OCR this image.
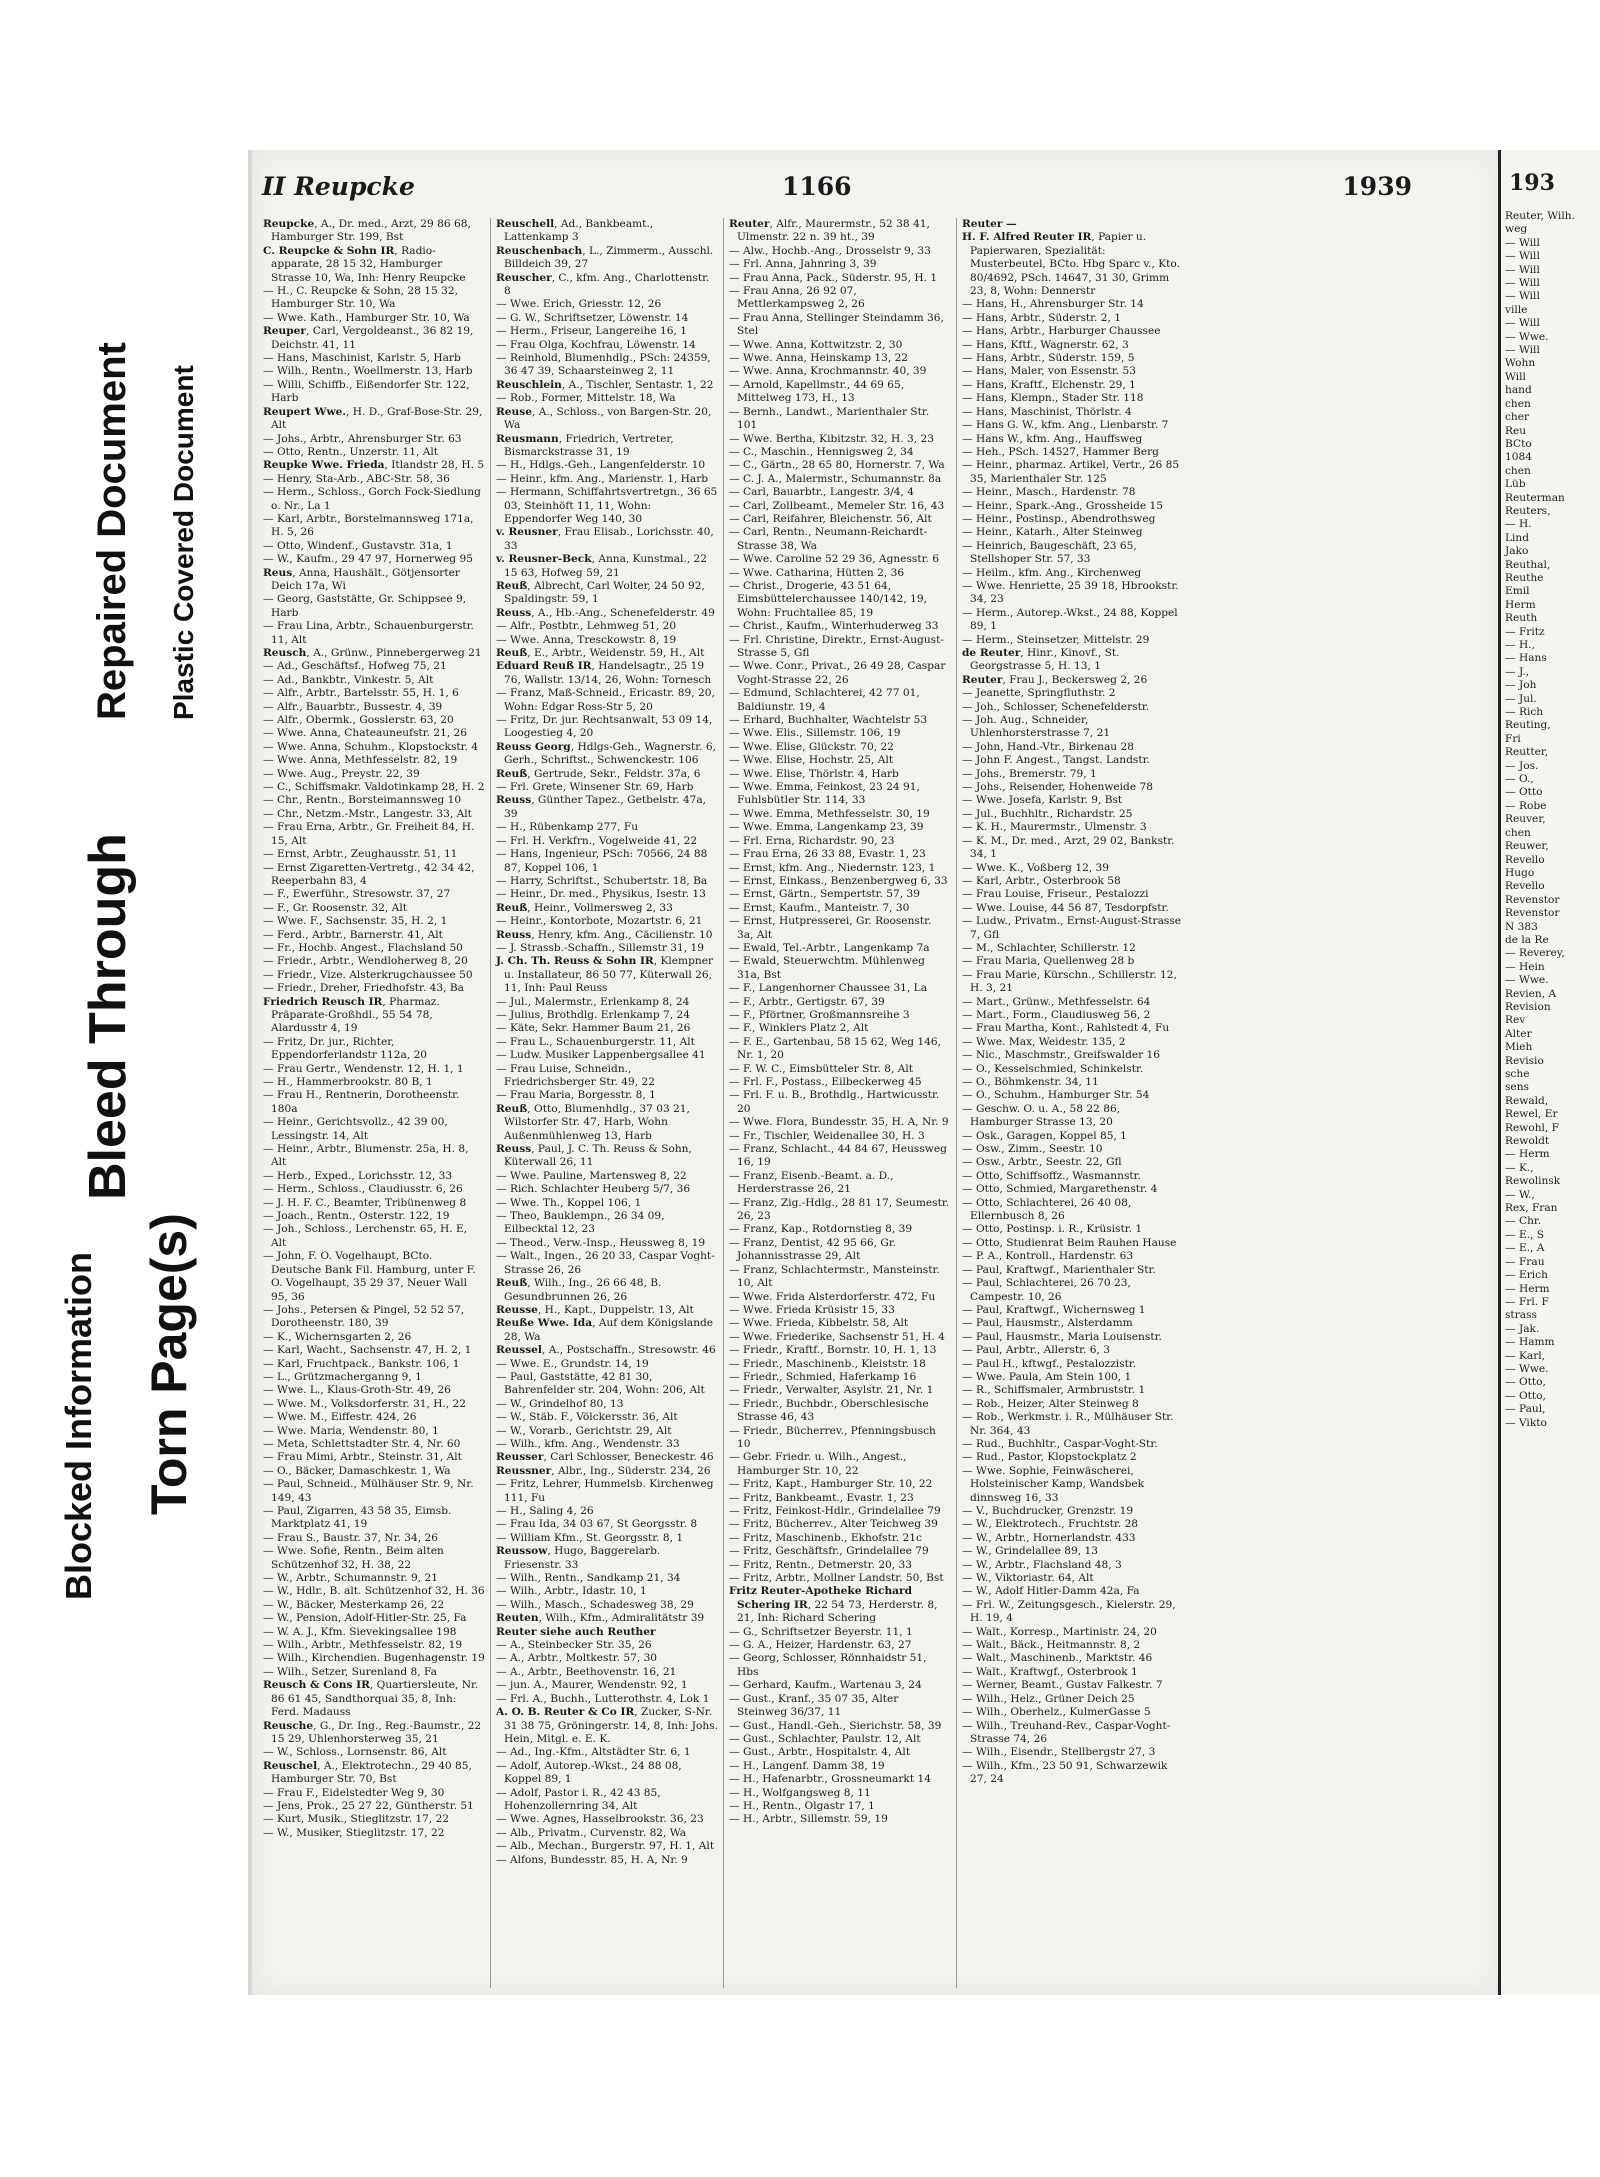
Blocked Information Torn Page(s)
Bleed Through
Repaired Document Plastic Covered Document
II Reupcke	1166	1939

Reupcke, A., Dr. med., Arzt, 29 86 68, Hamburger Str. 199, Bst

C. Reupcke & Sohn IR, Radio-apparate, 28 15 32, Hamburger Strasse 10, Wa, Inh: Henry Reupcke

— H., C. Reupcke & Sohn, 28 15 32, Hamburger Str. 10, Wa

— Wwe. Kath., Hamburger Str. 10, Wa

Reuper, Carl, Vergoldeanst., 36 82 19, Deichstr. 41, 11

— Hans, Maschinist, Karlstr. 5, Harb

— Wilh., Rentn., Woellmerstr. 13, Harb

— Willi, Schiffb., Eißendorfer Str. 122, Harb

Reupert Wwe., H. D., Graf-Bose-Str. 29, Alt

— Johs., Arbtr., Ahrensburger Str. 63

— Otto, Rentn., Unzerstr. 11, Alt

Reupke Wwe. Frieda, Itlandstr 28, H. 5

— Henry, Sta-Arb., ABC-Str. 58, 36

— Herm., Schloss., Gorch Fock-Siedlung o. Nr., La 1

— Karl, Arbtr., Borstelmannsweg 171a, H. 5, 26

— Otto, Windenf., Gustavstr. 31a, 1

— W., Kaufm., 29 47 97, Hornerweg 95

Reus, Anna, Haushält., Götjensorter Deich 17a, Wi

— Georg, Gaststätte, Gr. Schippsee 9, Harb

— Frau Lina, Arbtr., Schauenburgerstr. 11, Alt

Reusch, A., Grünw., Pinnebergerweg 21

— Ad., Geschäftsf., Hofweg 75, 21

— Ad., Bankbtr., Vinkestr. 5, Alt

— Alfr., Arbtr., Bartelsstr. 55, H. 1, 6

— Alfr., Bauarbtr., Bussestr. 4, 39

— Alfr., Obermk., Gosslerstr. 63, 20

— Wwe. Anna, Chateauneufstr. 21, 26

— Wwe. Anna, Schuhm., Klopstockstr. 4

— Wwe. Anna, Methfesselstr. 82, 19

— Wwe. Aug., Preystr. 22, 39

— C., Schiffsmakr. Valdotinkamp 28, H. 2

— Chr., Rentn., Borsteimannsweg 10

— Chr., Netzm.-Mstr., Langestr. 33, Alt

— Frau Erna, Arbtr., Gr. Freiheit 84, H. 15, Alt

— Ernst, Arbtr., Zeughausstr. 51, 11

— Ernst Zigaretten-Vertretg., 42 34 42, Reeperbahn 83, 4

— F., Ewerführ., Stresowstr. 37, 27

— F., Gr. Roosenstr. 32, Alt

— Wwe. F., Sachsenstr. 35, H. 2, 1

— Ferd., Arbtr., Barnerstr. 41, Alt

— Fr., Hochb. Angest., Flachsland 50

— Friedr., Arbtr., Wendloherweg 8, 20

— Friedr., Vize. Alsterkrugchaussee 50

— Friedr., Dreher, Friedhofstr. 43, Ba

Friedrich Reusch IR, Pharmaz. Präparate-Großhdl., 55 54 78, Alardusstr 4, 19

— Fritz, Dr. jur., Richter, Eppendorferlandstr 112a, 20

— Frau Gertr., Wendenstr. 12, H. 1, 1

— H., Hammerbrookstr. 80 B, 1

— Frau H., Rentnerin, Dorotheenstr. 180a

— Heinr., Gerichtsvollz., 42 39 00, Lessingstr. 14, Alt

— Heinr., Arbtr., Blumenstr. 25a, H. 8, Alt

— Herb., Exped., Lorichsstr. 12, 33

— Herm., Schloss., Claudiusstr. 6, 26

— J. H. F. C., Beamter, Tribünenweg 8

— Joach., Rentn., Osterstr. 122, 19

— Joh., Schloss., Lerchenstr. 65, H. E, Alt

— John, F. O. Vogelhaupt, BCto. Deutsche Bank Fil. Hamburg, unter F. O. Vogelhaupt, 35 29 37, Neuer Wall 95, 36

— Johs., Petersen & Pingel, 52 52 57, Dorotheenstr. 180, 39

— K., Wichernsgarten 2, 26

— Karl, Wacht., Sachsenstr. 47, H. 2, 1

— Karl, Fruchtpack., Bankstr. 106, 1

— L., Grützmacherganng 9, 1

— Wwe. L., Klaus-Groth-Str. 49, 26

— Wwe. M., Volksdorferstr. 31, H., 22

— Wwe. M., Eiffestr. 424, 26

— Wwe. Maria, Wendenstr. 80, 1

— Meta, Schlettstadter Str. 4, Nr. 60

— Frau Mimi, Arbtr., Steinstr. 31, Alt

— O., Bäcker, Damaschkestr. 1, Wa

— Paul, Schneid., Mülhäuser Str. 9, Nr. 149, 43

— Paul, Zigarren, 43 58 35, Eimsb. Marktplatz 41, 19

— Frau S., Baustr. 37, Nr. 34, 26

— Wwe. Sofie, Rentn., Beim alten Schützenhof 32, H. 38, 22

— W., Arbtr., Schumannstr. 9, 21

— W., Hdlr., B. alt. Schützenhof 32, H. 36

— W., Bäcker, Mesterkamp 26, 22

— W., Pension, Adolf-Hitler-Str. 25, Fa

— W. A. J., Kfm. Sievekingsallee 198

— Wilh., Arbtr., Methfesselstr. 82, 19

— Wilh., Kirchendien. Bugenhagenstr. 19

— Wilh., Setzer, Surenland 8, Fa

Reusch & Cons IR, Quartiersleute, Nr. 86 61 45, Sandthorquai 35, 8, Inh: Ferd. Madauss

Reusche, G., Dr. Ing., Reg.-Baumstr., 22 15 29, Uhlenhorsterweg 35, 21

— W., Schloss., Lornsenstr. 86, Alt

Reuschel, A., Elektrotechn., 29 40 85, Hamburger Str. 70, Bst

— Frau F., Eidelstedter Weg 9, 30

— Jens, Prok., 25 27 22, Güntherstr. 51

— Kurt, Musik., Stieglitzstr. 17, 22

— W., Musiker, Stieglitzstr. 17, 22

Reuschell, Ad., Bankbeamt., Lattenkamp 3

Reuschenbach, L., Zimmerm., Ausschl. Billdeich 39, 27

Reuscher, C., kfm. Ang., Charlottenstr. 8

— Wwe. Erich, Griesstr. 12, 26

— G. W., Schriftsetzer, Löwenstr. 14

— Herm., Friseur, Langereihe 16, 1

— Frau Olga, Kochfrau, Löwenstr. 14

— Reinhold, Blumenhdlg., PSch: 24359, 36 47 39, Schaarsteinweg 2, 11

Reuschlein, A., Tischler, Sentastr. 1, 22

— Rob., Former, Mittelstr. 18, Wa

Reuse, A., Schloss., von Bargen-Str. 20, Wa

Reusmann, Friedrich, Vertreter, Bismarckstrasse 31, 19

— H., Hdlgs.-Geh., Langenfelderstr. 10

— Heinr., kfm. Ang., Marienstr. 1, Harb

— Hermann, Schiffahrtsvertretgn., 36 65 03, Steinhöft 11, 11, Wohn: Eppendorfer Weg 140, 30

v. Reusner, Frau Elisab., Lorichsstr. 40, 33

v. Reusner-Beck, Anna, Kunstmal., 22 15 63, Hofweg 59, 21

Reuß, Albrecht, Carl Wolter, 24 50 92, Spaldingstr. 59, 1

Reuss, A., Hb.-Ang., Schenefelderstr. 49

— Alfr., Postbtr., Lehmweg 51, 20

— Wwe. Anna, Tresckowstr. 8, 19

Reuß, E., Arbtr., Weidenstr. 59, H., Alt

Eduard Reuß IR, Handelsagtr., 25 19 76, Wallstr. 13/14, 26, Wohn: Tornesch

— Franz, Maß-Schneid., Ericastr. 89, 20, Wohn: Edgar Ross-Str 5, 20

— Fritz, Dr. jur. Rechtsanwalt, 53 09 14, Loogestieg 4, 20

Reuss Georg, Hdlgs-Geh., Wagnerstr. 6, Gerh., Schriftst., Schwenckestr. 106

Reuß, Gertrude, Sekr., Feldstr. 37a, 6

— Frl. Grete, Winsener Str. 69, Harb

Reuss, Günther Tapez., Getbelstr. 47a, 39

— H., Rübenkamp 277, Fu

— Frl. H. Verkfrn., Vogelweide 41, 22

— Hans, Ingenieur, PSch: 70566, 24 88 87, Koppel 106, 1

— Harry, Schriftst., Schubertstr. 18, Ba

— Heinr., Dr. med., Physikus, Isestr. 13

Reuß, Heinr., Vollmersweg 2, 33

— Heinr., Kontorbote, Mozartstr. 6, 21

Reuss, Henry, kfm. Ang., Cäcilienstr. 10

— J. Strassb.-Schaffn., Sillemstr 31, 19

J. Ch. Th. Reuss & Sohn IR, Klempner u. Installateur, 86 50 77, Küterwall 26, 11, Inh: Paul Reuss

— Jul., Malermstr., Erlenkamp 8, 24

— Julius, Brothdlg. Erlenkamp 7, 24

— Käte, Sekr. Hammer Baum 21, 26

— Frau L., Schauenburgerstr. 11, Alt

— Ludw. Musiker Lappenbergsallee 41

— Frau Luise, Schneidn., Friedrichsberger Str. 49, 22

— Frau Maria, Borgesstr. 8, 1

Reuß, Otto, Blumenhdlg., 37 03 21, Wilstorfer Str. 47, Harb, Wohn Außenmühlenweg 13, Harb

Reuss, Paul, J. C. Th. Reuss & Sohn, Küterwall 26, 11

— Wwe. Pauline, Martensweg 8, 22

— Rich. Schlachter Heuberg 5/7, 36

— Wwe. Th., Koppel 106, 1

— Theo, Bauklempn., 26 34 09, Eilbecktal 12, 23

— Theod., Verw.-Insp., Heussweg 8, 19

— Walt., Ingen., 26 20 33, Caspar Voght-Strasse 26, 26

Reuß, Wilh., Ing., 26 66 48, B. Gesundbrunnen 26, 26

Reusse, H., Kapt., Duppelstr. 13, Alt

Reuße Wwe. Ida, Auf dem Königslande 28, Wa

Reussel, A., Postschaffn., Stresowstr. 46

— Wwe. E., Grundstr. 14, 19

— Paul, Gaststätte, 42 81 30, Bahrenfelder str. 204, Wohn: 206, Alt

— W., Grindelhof 80, 13

— W., Stäb. F., Völckersstr. 36, Alt

— W., Vorarb., Gerichtstr. 29, Alt

— Wilh., kfm. Ang., Wendenstr. 33

Reusser, Carl Schlosser, Beneckestr. 46

Reussner, Albr., Ing., Süderstr. 234, 26

— Fritz, Lehrer, Hummelsb. Kirchenweg 111, Fu

— H., Saling 4, 26

— Frau Ida, 34 03 67, St Georgsstr. 8

— William Kfm., St. Georgsstr. 8, 1

Reussow, Hugo, Baggerelarb. Friesenstr. 33

— Wilh., Rentn., Sandkamp 21, 34

— Wilh., Arbtr., Idastr. 10, 1

— Wilh., Masch., Schadesweg 38, 29

Reuten, Wilh., Kfm., Admiralitätstr 39

Reuter siehe auch Reuther

— A., Steinbecker Str. 35, 26

— A., Arbtr., Moltkestr. 57, 30

— A., Arbtr., Beethovenstr. 16, 21

— jun. A., Maurer, Wendenstr. 92, 1

— Frl. A., Buchh., Lutterothstr. 4, Lok 1

A. O. B. Reuter & Co IR, Zucker, S-Nr. 31 38 75, Gröningerstr. 14, 8, Inh: Johs. Hein, Mitgl. e. E. K.

— Ad., Ing.-Kfm., Altstädter Str. 6, 1

— Adolf, Autorep.-Wkst., 24 88 08, Koppel 89, 1

— Adolf, Pastor i. R., 42 43 85, Hohenzollernring 34, Alt

— Wwe. Agnes, Hasselbrookstr. 36, 23

— Alb., Privatm., Curvenstr. 82, Wa

— Alb., Mechan., Burgerstr. 97, H. 1, Alt

— Alfons, Bundesstr. 85, H. A, Nr. 9

Reuter, Alfr., Maurermstr., 52 38 41, Ulmenstr. 22 n. 39 ht., 39

— Alw., Hochb.-Ang., Drosselstr 9, 33

— Frl. Anna, Jahnring 3, 39

— Frau Anna, Pack., Süderstr. 95, H. 1

— Frau Anna, 26 92 07, Mettlerkampsweg 2, 26

— Frau Anna, Stellinger Steindamm 36, Stel

— Wwe. Anna, Kottwitzstr. 2, 30

— Wwe. Anna, Heinskamp 13, 22

— Wwe. Anna, Krochmannstr. 40, 39

— Arnold, Kapellmstr., 44 69 65, Mittelweg 173, H., 13

— Bernh., Landwt., Marienthaler Str. 101

— Wwe. Bertha, Kibitzstr. 32, H. 3, 23

— C., Maschin., Hennigsweg 2, 34

— C., Gärtn., 28 65 80, Hornerstr. 7, Wa

— C. J. A., Malermstr., Schumannstr. 8a

— Carl, Bauarbtr., Langestr. 3/4, 4

— Carl, Zollbeamt., Memeler Str. 16, 43

— Carl, Reifahrer, Bleichenstr. 56, Alt

— Carl, Rentn., Neumann-Reichardt-Strasse 38, Wa

— Wwe. Caroline 52 29 36, Agnesstr. 6

— Wwe. Catharina, Hütten 2, 36

— Christ., Drogerie, 43 51 64, Eimsbüttelerchaussee 140/142, 19, Wohn: Fruchtallee 85, 19

— Christ., Kaufm., Winterhuderweg 33

— Frl. Christine, Direktr., Ernst-August-Strasse 5, Gfl

— Wwe. Conr., Privat., 26 49 28, Caspar Voght-Strasse 22, 26

— Edmund, Schlachterei, 42 77 01, Baldiunstr. 19, 4

— Erhard, Buchhalter, Wachtelstr 53

— Wwe. Elis., Sillemstr. 106, 19

— Wwe. Elise, Glückstr. 70, 22

— Wwe. Elise, Hochstr. 25, Alt

— Wwe. Elise, Thörlstr. 4, Harb

— Wwe. Emma, Feinkost, 23 24 91, Fuhlsbütler Str. 114, 33

— Wwe. Emma, Methfesselstr. 30, 19

— Wwe. Emma, Langenkamp 23, 39

— Frl. Erna, Richardstr. 90, 23

— Frau Erna, 26 33 88, Evastr. 1, 23

— Ernst, kfm. Ang., Niedernstr. 123, 1

— Ernst, Einkass., Benzenbergweg 6, 33

— Ernst, Gärtn., Sempertstr. 57, 39

— Ernst, Kaufm., Manteistr. 7, 30

— Ernst, Hutpresserei, Gr. Roosenstr. 3a, Alt

— Ewald, Tel.-Arbtr., Langenkamp 7a

— Ewald, Steuerwchtm. Mühlenweg 31a, Bst

— F., Langenhorner Chaussee 31, La

— F., Arbtr., Gertigstr. 67, 39

— F., Pförtner, Großmannsreihe 3

— F., Winklers Platz 2, Alt

— F. E., Gartenbau, 58 15 62, Weg 146, Nr. 1, 20

— F. W. C., Eimsbütteler Str. 8, Alt

— Frl. F., Postass., Eilbeckerweg 45

— Frl. F. u. B., Brothdlg., Hartwicusstr. 20

— Wwe. Flora, Bundesstr. 35, H. A, Nr. 9

— Fr., Tischler, Weidenallee 30, H. 3

— Franz, Schlacht., 44 84 67, Heussweg 16, 19

— Franz, Eisenb.-Beamt. a. D., Herderstrasse 26, 21

— Franz, Zig.-Hdlg., 28 81 17, Seumestr. 26, 23

— Franz, Kap., Rotdornstieg 8, 39

— Franz, Dentist, 42 95 66, Gr. Johannisstrasse 29, Alt

— Franz, Schlachtermstr., Mansteinstr. 10, Alt

— Wwe. Frida Alsterdorferstr. 472, Fu

— Wwe. Frieda Krüsistr 15, 33

— Wwe. Frieda, Kibbelstr. 58, Alt

— Wwe. Friederike, Sachsenstr 51, H. 4

— Friedr., Kraftf., Bornstr. 10, H. 1, 13

— Friedr., Maschinenb., Kleiststr. 18

— Friedr., Schmied, Haferkamp 16

— Friedr., Verwalter, Asylstr. 21, Nr. 1

— Friedr., Buchbdr., Oberschlesische Strasse 46, 43

— Friedr., Bücherrev., Pfenningsbusch 10

— Gebr. Friedr. u. Wilh., Angest., Hamburger Str. 10, 22

— Fritz, Kapt., Hamburger Str. 10, 22

— Fritz, Bankbeamt., Evastr. 1, 23

— Fritz, Feinkost-Hdlr., Grindelallee 79

— Fritz, Bücherrev., Alter Teichweg 39

— Fritz, Maschinenb., Ekhofstr. 21c

— Fritz, Geschäftsfr., Grindelallee 79

— Fritz, Rentn., Detmerstr. 20, 33

— Fritz, Arbtr., Mollner Landstr. 50, Bst

Fritz Reuter-Apotheke Richard Schering IR, 22 54 73, Herderstr. 8, 21, Inh: Richard Schering

— G., Schriftsetzer Beyerstr. 11, 1

— G. A., Heizer, Hardenstr. 63, 27

— Georg, Schlosser, Rönnhaidstr 51, Hbs

— Gerhard, Kaufm., Wartenau 3, 24

— Gust., Kranf., 35 07 35, Alter Steinweg 36/37, 11

— Gust., Handl.-Geh., Sierichstr. 58, 39

— Gust., Schlachter, Paulstr. 12, Alt

— Gust., Arbtr., Hospitalstr. 4, Alt

— H., Langenf. Damm 38, 19

— H., Hafenarbtr., Grossneumarkt 14

— H., Wolfgangsweg 8, 11

— H., Rentn., Olgastr 17, 1

— H., Arbtr., Sillemstr. 59, 19

Reuter —

H. F. Alfred Reuter IR, Papier u. Papierwaren, Spezialität: Musterbeutel, BCto. Hbg Sparc v., Kto. 80/4692, PSch. 14647, 31 30, Grimm 23, 8, Wohn: Dennerstr

— Hans, H., Ahrensburger Str. 14

— Hans, Arbtr., Süderstr. 2, 1

— Hans, Arbtr., Harburger Chaussee

— Hans, Kftf., Wagnerstr. 62, 3

— Hans, Arbtr., Süderstr. 159, 5

— Hans, Maler, von Essenstr. 53

— Hans, Kraftf., Elchenstr. 29, 1

— Hans, Klempn., Stader Str. 118

— Hans, Maschinist, Thörlstr. 4

— Hans G. W., kfm. Ang., Lienbarstr. 7

— Hans W., kfm. Ang., Hauffsweg

— Heh., PSch. 14527, Hammer Berg

— Heinr., pharmaz. Artikel, Vertr., 26 85 35, Marienthaler Str. 125

— Heinr., Masch., Hardenstr. 78

— Heinr., Spark.-Ang., Grossheide 15

— Heinr., Postinsp., Abendrothsweg

— Heinr., Katarh., Alter Steinweg

— Heinrich, Baugeschäft, 23 65, Stellshoper Str. 57, 33

— Heilm., kfm. Ang., Kirchenweg

— Wwe. Henriette, 25 39 18, Hbrookstr. 34, 23

— Herm., Autorep.-Wkst., 24 88, Koppel 89, 1

— Herm., Steinsetzer, Mittelstr. 29

de Reuter, Hinr., Kinovf., St. Georgstrasse 5, H. 13, 1

Reuter, Frau J., Beckersweg 2, 26

— Jeanette, Springfluthstr. 2

— Joh., Schlosser, Schenefelderstr.

— Joh. Aug., Schneider, Uhlenhorsterstrasse 7, 21

— John, Hand.-Vtr., Birkenau 28

— John F. Angest., Tangst. Landstr.

— Johs., Bremerstr. 79, 1

— Johs., Reisender, Hohenweide 78

— Wwe. Josefa, Karlstr. 9, Bst

— Jul., Buchhltr., Richardstr. 25

— K. H., Maurermstr., Ulmenstr. 3

— K. M., Dr. med., Arzt, 29 02, Bankstr. 34, 1

— Wwe. K., Voßberg 12, 39

— Karl, Arbtr., Osterbrook 58

— Frau Louise, Friseur., Pestalozzi

— Wwe. Louise, 44 56 87, Tesdorpfstr.

— Ludw., Privatm., Ernst-August-Strasse 7, Gfl

— M., Schlachter, Schillerstr. 12

— Frau Maria, Quellenweg 28 b

— Frau Marie, Kürschn., Schillerstr. 12, H. 3, 21

— Mart., Grünw., Methfesselstr. 64

— Mart., Form., Claudiusweg 56, 2

— Frau Martha, Kont., Rahlstedt 4, Fu

— Wwe. Max, Weidestr. 135, 2

— Nic., Maschmstr., Greifswalder 16

— O., Kesselschmied, Schinkelstr.

— O., Böhmkenstr. 34, 11

— O., Schuhm., Hamburger Str. 54

— Geschw. O. u. A., 58 22 86, Hamburger Strasse 13, 20

— Osk., Garagen, Koppel 85, 1

— Osw., Zimm., Seestr. 10

— Osw., Arbtr., Seestr. 22, Gfl

— Otto, Schiffsoffz., Wasmannstr.

— Otto, Schmied, Margarethenstr. 4

— Otto, Schlachterei, 26 40 08, Ellernbusch 8, 26

— Otto, Postinsp. i. R., Krüsistr. 1

— Otto, Studienrat Beim Rauhen Hause

— P. A., Kontroll., Hardenstr. 63

— Paul, Kraftwgf., Marienthaler Str.

— Paul, Schlachterei, 26 70 23, Campestr. 10, 26

— Paul, Kraftwgf., Wichernsweg 1

— Paul, Hausmstr., Alsterdamm

— Paul, Hausmstr., Maria Louisenstr.

— Paul, Arbtr., Allerstr. 6, 3

— Paul H., kftwgf., Pestalozzistr.

— Wwe. Paula, Am Stein 100, 1

— R., Schiffsmaler, Armbruststr. 1

— Rob., Heizer, Alter Steinweg 8

— Rob., Werkmstr. i. R., Mülhäuser Str. Nr. 364, 43

— Rud., Buchhltr., Caspar-Voght-Str.

— Rud., Pastor, Klopstockplatz 2

— Wwe. Sophie, Feinwäscherei, Holsteinischer Kamp, Wandsbek dinnsweg 16, 33

— V., Buchdrucker, Grenzstr. 19

— W., Elektrotech., Fruchtstr. 28

— W., Arbtr., Hornerlandstr. 433

— W., Grindelallee 89, 13

— W., Arbtr., Flachsland 48, 3

— W., Viktoriastr. 64, Alt

— W., Adolf Hitler-Damm 42a, Fa

— Frl. W., Zeitungsgesch., Kielerstr. 29, H. 19, 4

— Walt., Korresp., Martinistr. 24, 20

— Walt., Bäck., Heitmannstr. 8, 2

— Walt., Maschinenb., Marktstr. 46

— Walt., Kraftwgf., Osterbrook 1

— Werner, Beamt., Gustav Falkestr. 7

— Wilh., Helz., Grüner Deich 25

— Wilh., Oberhelz., KulmerGasse 5

— Wilh., Treuhand-Rev., Caspar-Voght-Strasse 74, 26

— Wilh., Eisendr., Stellbergstr 27, 3

— Wilh., Kfm., 23 50 91, Schwarzewik 27, 24

193
Reuter, Wilh.
weg
— Will
— Will
— Will
— Will
— Will
ville
— Will
— Wwe.
— Will
Wohn
Will
hand
chen
cher
Reu
BCto
1084
chen
Lüb
Reuterman
Reuters,
— H.
Lind
Jako
Reuthal,
Reuthe
Emil
Herm
Reuth
— Fritz
— H.,
— Hans
— J.,
— Joh
— Jul.
— Rich
Reuting,
Fri
Reutter,
— Jos.
— O.,
— Otto
— Robe
Reuver,
chen
Reuwer,
Revello
Hugo
Revello
Revenstor
Revenstor
N 383
de la Re
— Reverey,
— Hein
— Wwe.
Revien, A
Revision
Rev
Alter
Mieh
Revisio
sche
sens
Rewald,
Rewel, Er
Rewohl, F
Rewoldt
— Herm
— K.,
Rewolinsk
— W.,
Rex, Fran
— Chr.
— E., S
— E., A
— Frau
— Erich
— Herm
— Frl. F
strass
— Jak.
— Hamm
— Karl,
— Wwe.
— Otto,
— Otto,
— Paul,
— Vikto
